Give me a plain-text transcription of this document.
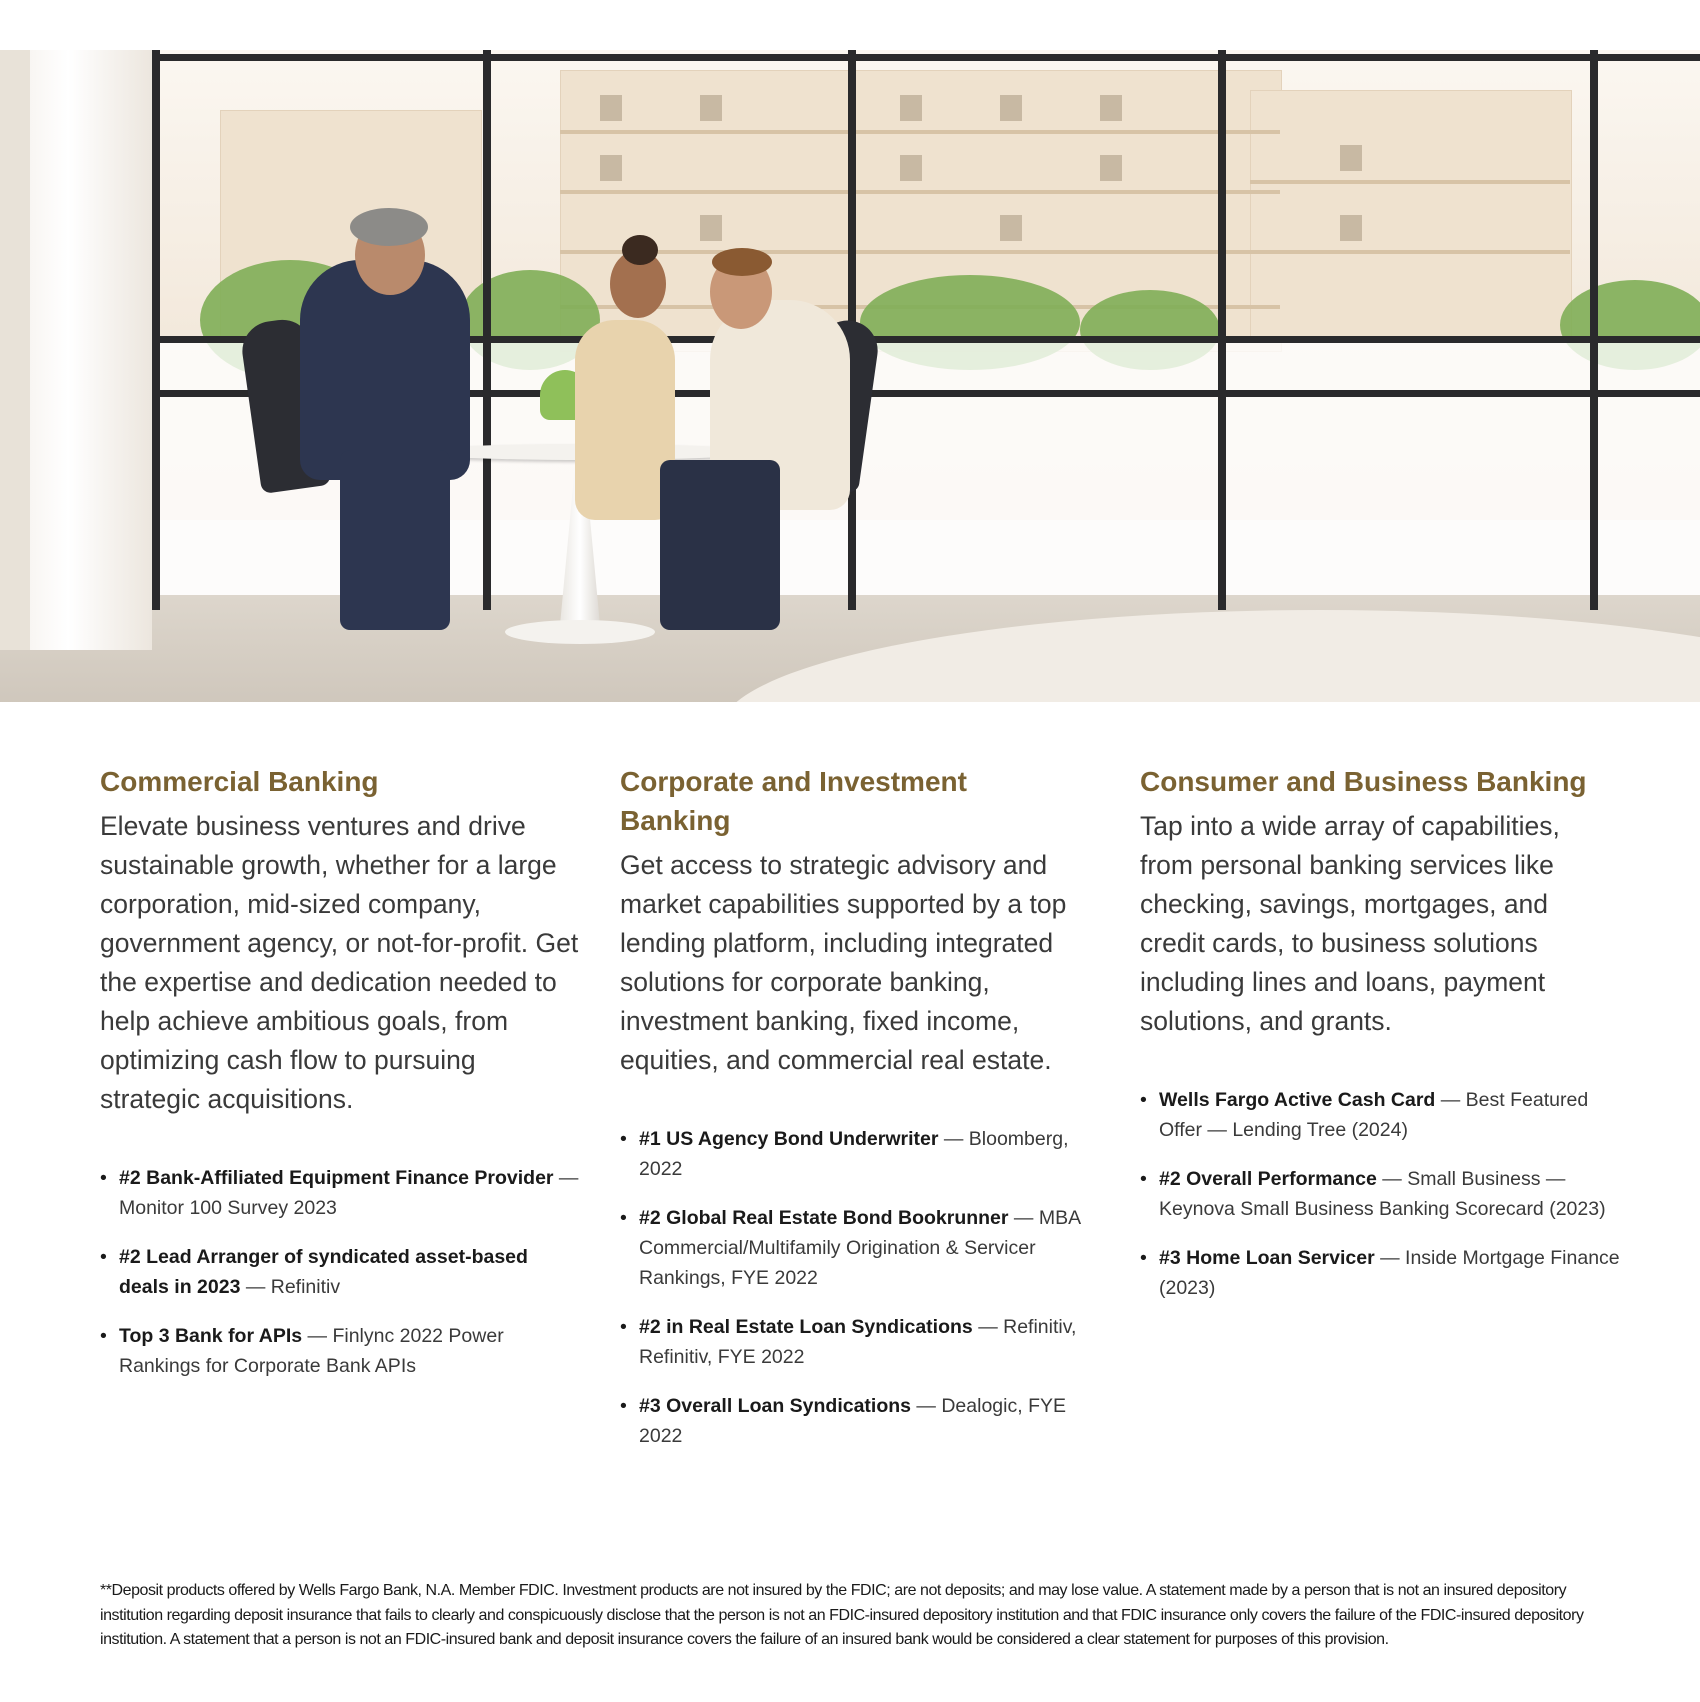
Commercial Banking

Elevate business ventures and drive sustainable growth, whether for a large corporation, mid-sized company, government agency, or not-for-profit. Get the expertise and dedication needed to help achieve ambitious goals, from optimizing cash flow to pursuing strategic acquisitions.

• #2 Bank-Affiliated Equipment Finance Provider — Monitor 100 Survey 2023
• #2 Lead Arranger of syndicated asset-based deals in 2023 — Refinitiv
• Top 3 Bank for APIs — Finlync 2022 Power Rankings for Corporate Bank APIs
Corporate and Investment Banking

Get access to strategic advisory and market capabilities supported by a top lending platform, including integrated solutions for corporate banking, investment banking, fixed income, equities, and commercial real estate.

• #1 US Agency Bond Underwriter — Bloomberg, 2022
• #2 Global Real Estate Bond Bookrunner — MBA Commercial/Multifamily Origination & Servicer Rankings, FYE 2022
• #2 in Real Estate Loan Syndications — Refinitiv, Refinitiv, FYE 2022
• #3 Overall Loan Syndications — Dealogic, FYE 2022
Consumer and Business Banking

Tap into a wide array of capabilities, from personal banking services like checking, savings, mortgages, and credit cards, to business solutions including lines and loans, payment solutions, and grants.

• Wells Fargo Active Cash Card — Best Featured Offer — Lending Tree (2024)
• #2 Overall Performance — Small Business — Keynova Small Business Banking Scorecard (2023)
• #3 Home Loan Servicer — Inside Mortgage Finance (2023)

**Deposit products offered by Wells Fargo Bank, N.A. Member FDIC. Investment products are not insured by the FDIC; are not deposits; and may lose value. A statement made by a person that is not an insured depository institution regarding deposit insurance that fails to clearly and conspicuously disclose that the person is not an FDIC-insured depository institution and that FDIC insurance only covers the failure of the FDIC-insured depository institution. A statement that a person is not an FDIC-insured bank and deposit insurance covers the failure of an insured bank would be considered a clear statement for purposes of this provision.
